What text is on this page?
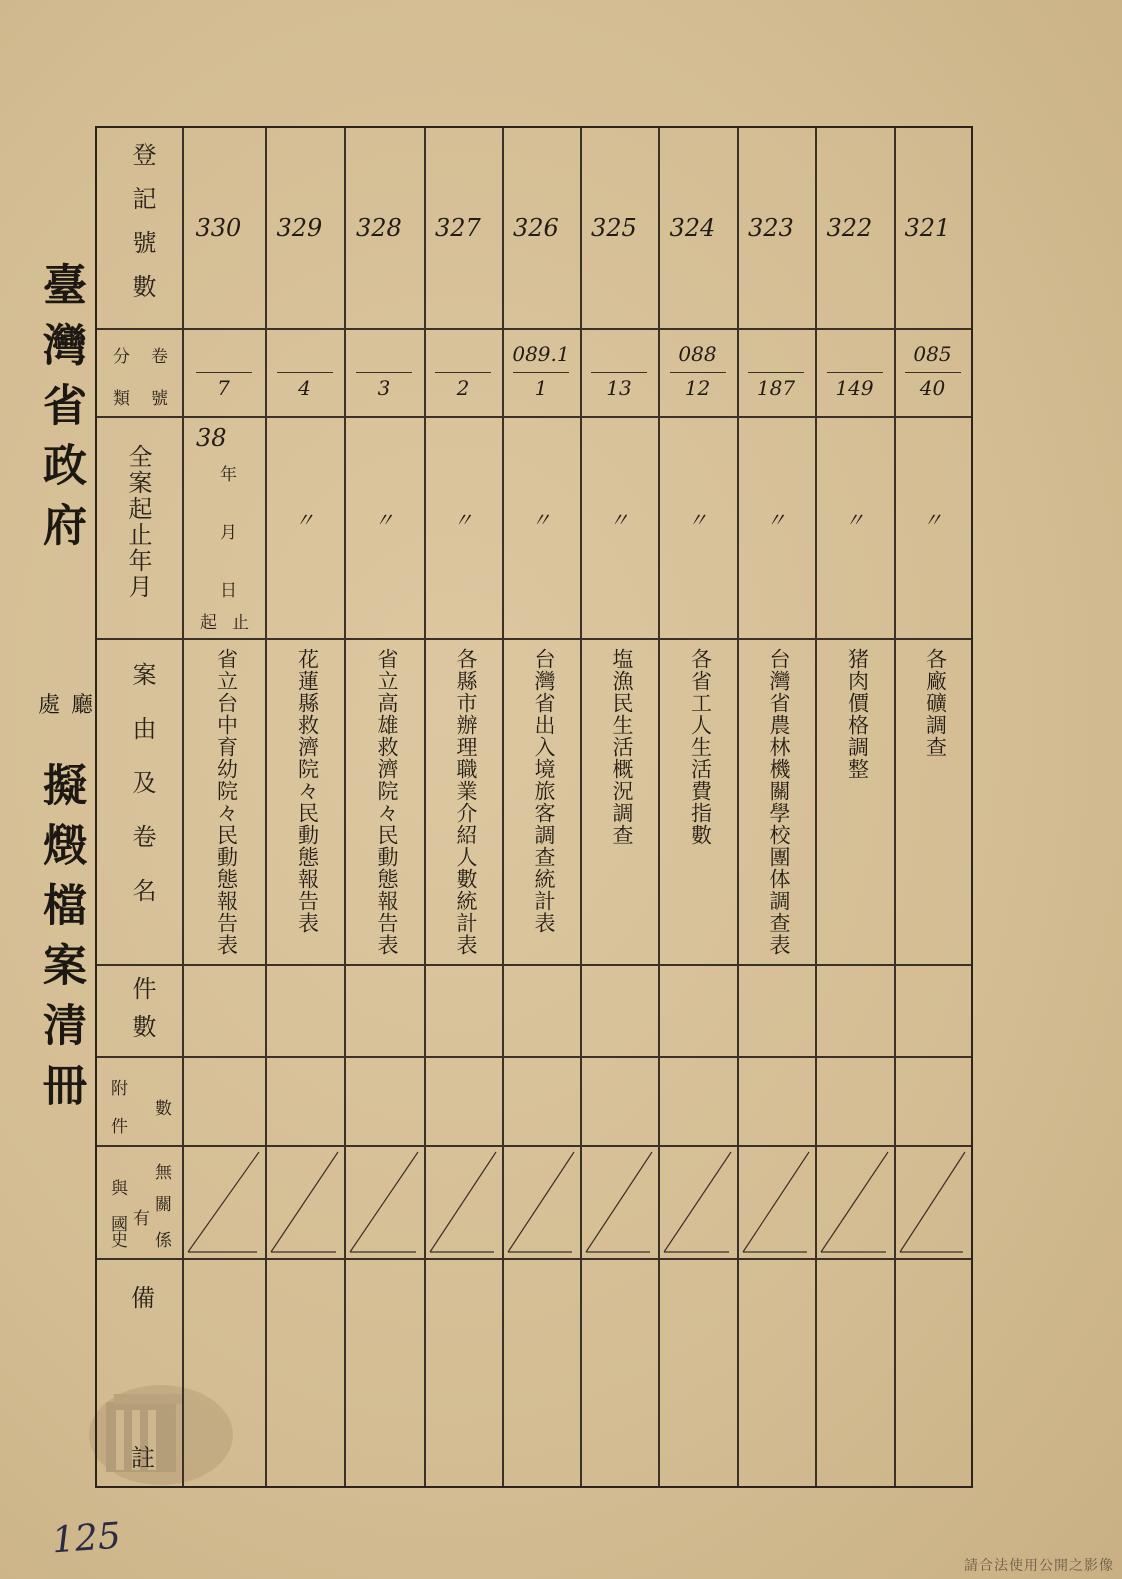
臺灣省政府
處 廳
擬燬檔案清冊
登記號數
分 卷
類 號
全案起止年月	年
月
日
起 止
案由及卷名
件數
附
件
數
無
與
關
有
國
係
史
備
註
330
7
38
省立台中育幼院々民動態報告表
329
4
〃
花蓮縣救濟院々民動態報告表
328
3
〃
省立高雄救濟院々民動態報告表
327
2
〃
各縣市辦理職業介紹人數統計表
326
089.1
1
〃
台灣省出入境旅客調查統計表
325
13
〃
塩漁民生活概況調查
324
088
12
〃
各省工人生活費指數
323
187
〃
台灣省農林機關學校團体調查表
322
149
〃
猪肉價格調整
321
085
40
〃
各廠礦調查
125
請合法使用公開之影像
